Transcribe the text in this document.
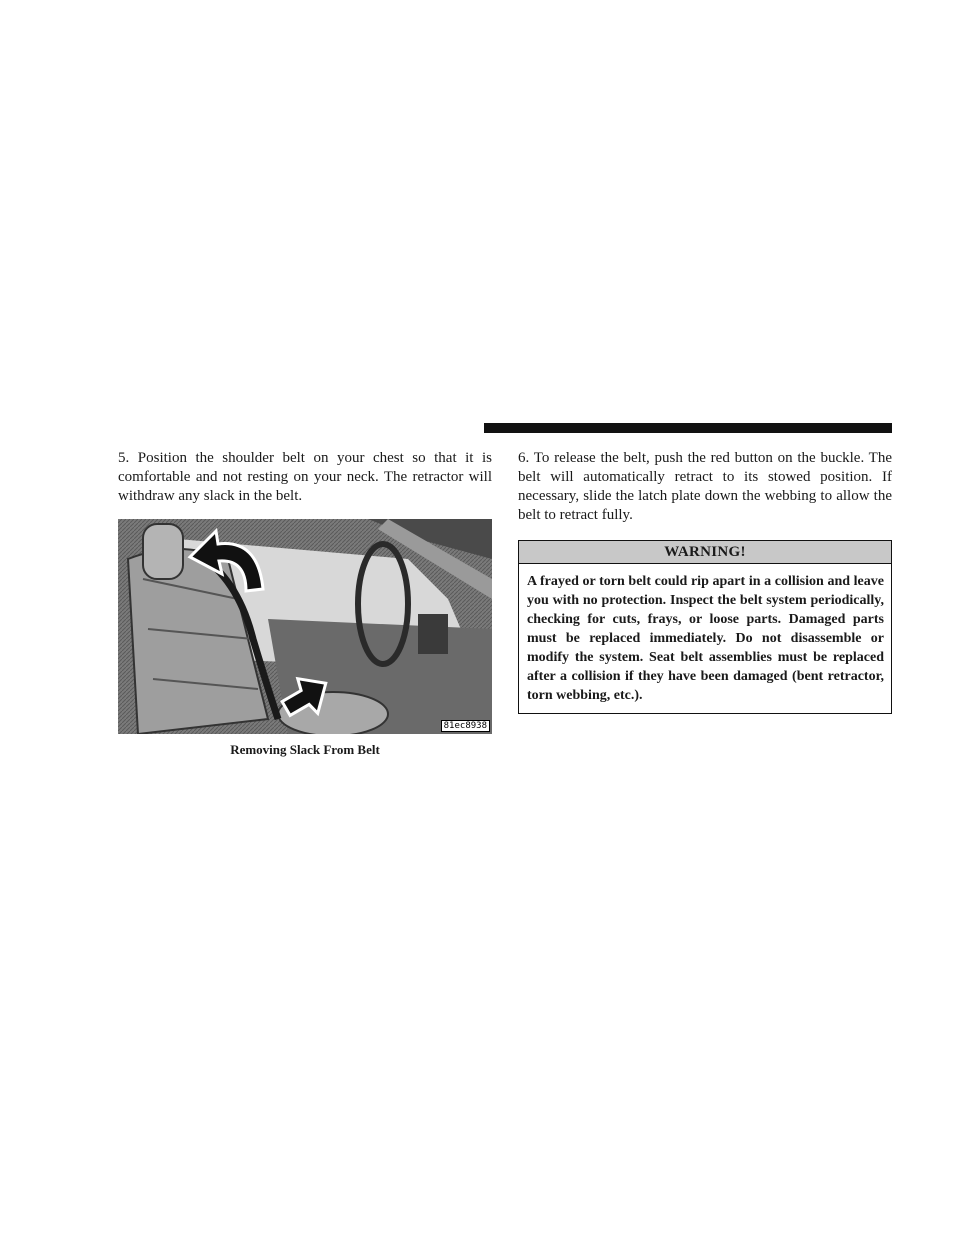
5. Position the shoulder belt on your chest so that it is comfortable and not resting on your neck. The retractor will withdraw any slack in the belt.

81ec8938

Removing Slack From Belt

6. To release the belt, push the red button on the buckle. The belt will automatically retract to its stowed position. If necessary, slide the latch plate down the webbing to allow the belt to retract fully.

WARNING!

A frayed or torn belt could rip apart in a collision and leave you with no protection. Inspect the belt system periodically, checking for cuts, frays, or loose parts. Damaged parts must be replaced immediately. Do not disassemble or modify the system. Seat belt assemblies must be replaced after a collision if they have been damaged (bent retractor, torn webbing, etc.).
